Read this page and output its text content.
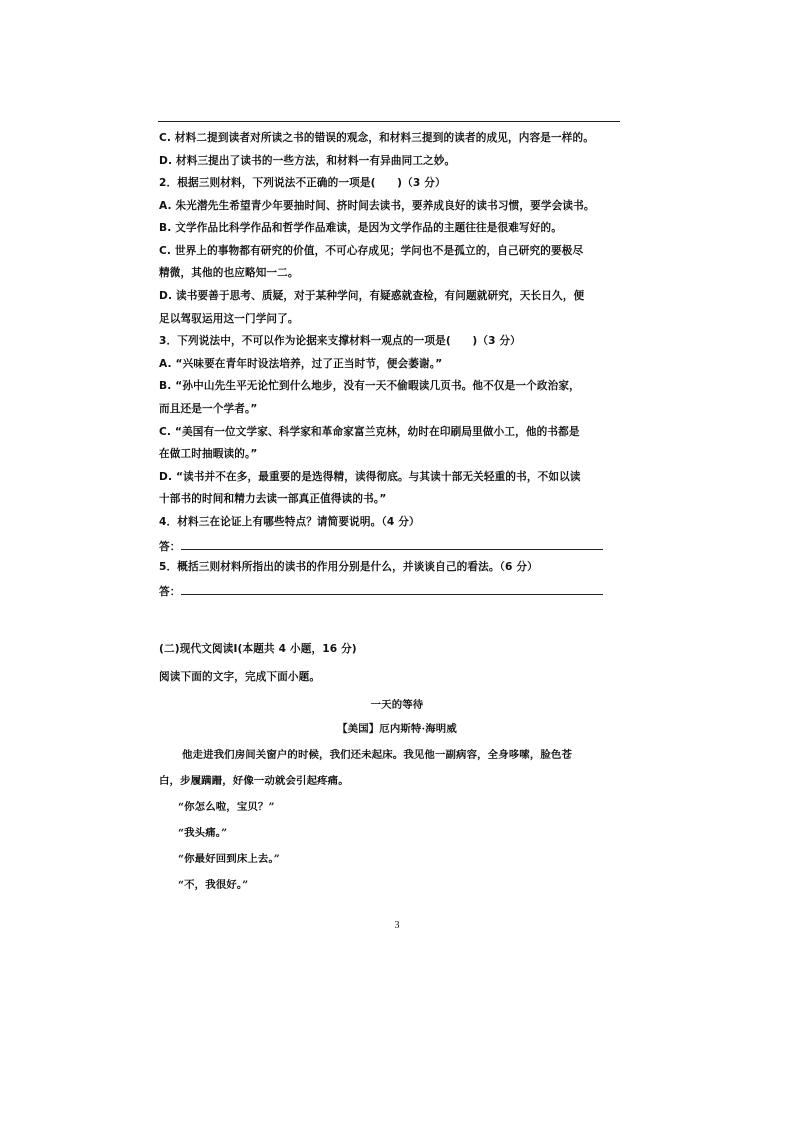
C. 材料二提到读者对所读之书的错误的观念，和材料三提到的读者的成见，内容是一样的。
D. 材料三提出了读书的一些方法，和材料一有异曲同工之妙。
2．根据三则材料，下列说法不正确的一项是(　　)（3 分）
A. 朱光潜先生希望青少年要抽时间、挤时间去读书，要养成良好的读书习惯，要学会读书。
B. 文学作品比科学作品和哲学作品难读，是因为文学作品的主题往往是很难写好的。
C. 世界上的事物都有研究的价值，不可心存成见；学问也不是孤立的，自己研究的要极尽
精微，其他的也应略知一二。
D. 读书要善于思考、质疑，对于某种学问，有疑惑就查检，有问题就研究，天长日久，便
足以驾驭运用这一门学问了。
3．下列说法中，不可以作为论据来支撑材料一观点的一项是(　　)（3 分）
A. “兴味要在青年时设法培养，过了正当时节，便会萎谢。”
B. “孙中山先生平无论忙到什么地步，没有一天不偷暇读几页书。他不仅是一个政治家，
而且还是一个学者。”
C. “美国有一位文学家、科学家和革命家富兰克林，幼时在印刷局里做小工，他的书都是
在做工时抽暇读的。”
D. “读书并不在多，最重要的是选得精，读得彻底。与其读十部无关轻重的书，不如以读
十部书的时间和精力去读一部真正值得读的书。”
4．材料三在论证上有哪些特点？请简要说明。（4 分）
答：
5．概括三则材料所指出的读书的作用分别是什么，并谈谈自己的看法。（6 分）
答：
(二)现代文阅读Ⅰ(本题共 4 小题，16 分)
阅读下面的文字，完成下面小题。
一天的等待
【美国】厄内斯特·海明威
他走进我们房间关窗户的时候，我们还未起床。我见他一副病容，全身哆嗦，脸色苍
白，步履蹒跚，好像一动就会引起疼痛。
“你怎么啦，宝贝？”
“我头痛。”
“你最好回到床上去。”
“不，我很好。”
3
